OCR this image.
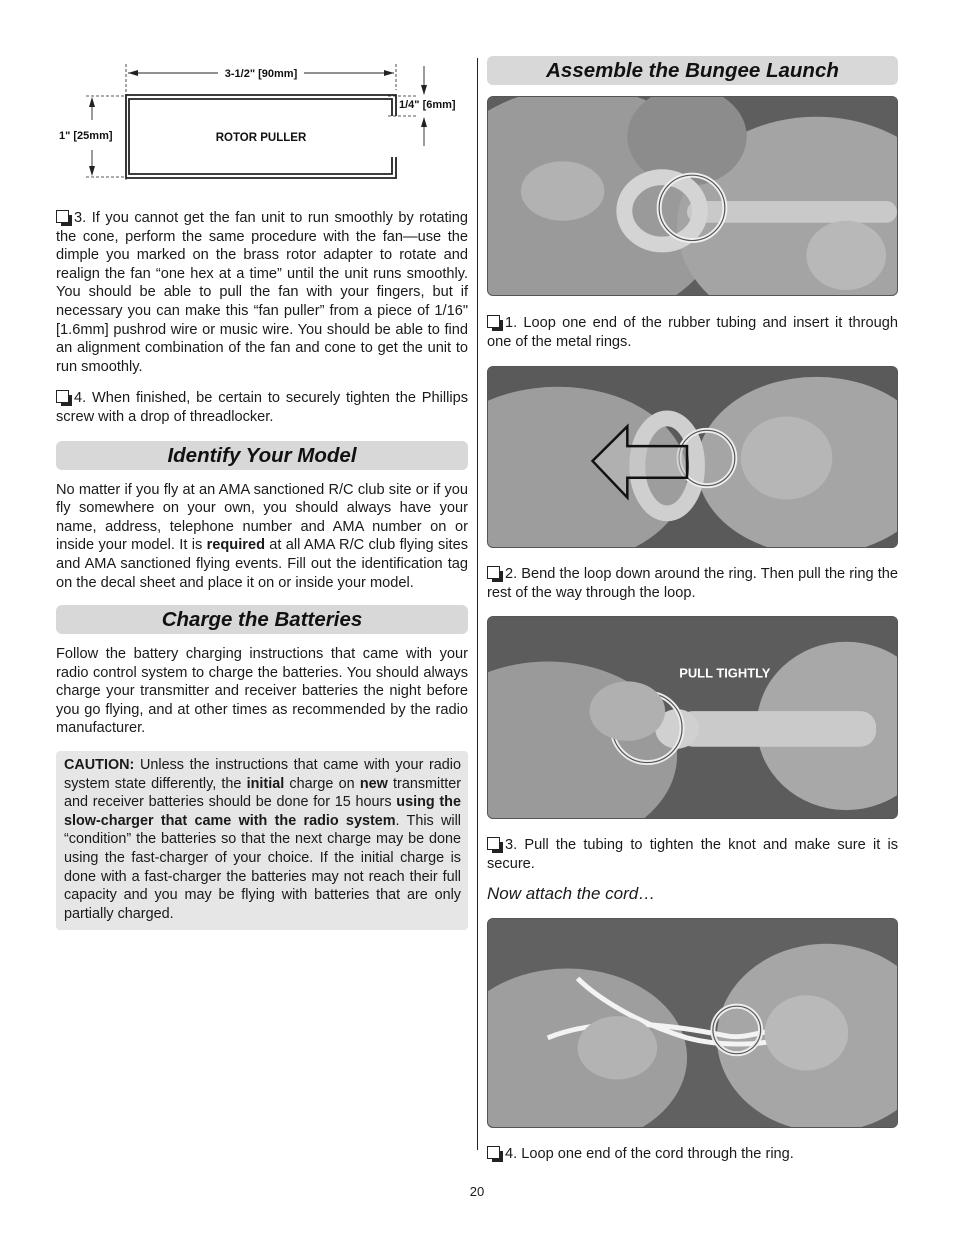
3-1/2" [90mm]
1/4" [6mm]
1" [25mm]	ROTOR PULLER

3. If you cannot get the fan unit to run smoothly by rotating the cone, perform the same procedure with the fan—use the dimple you marked on the brass rotor adapter to rotate and realign the fan “one hex at a time” until the unit runs smoothly. You should be able to pull the fan with your fingers, but if necessary you can make this “fan puller” from a piece of 1/16" [1.6mm] pushrod wire or music wire. You should be able to find an alignment combination of the fan and cone to get the unit to run smoothly.

4. When finished, be certain to securely tighten the Phillips screw with a drop of threadlocker.

Identify Your Model

No matter if you fly at an AMA sanctioned R/C club site or if you fly somewhere on your own, you should always have your name, address, telephone number and AMA number on or inside your model. It is required at all AMA R/C club flying sites and AMA sanctioned flying events. Fill out the identification tag on the decal sheet and place it on or inside your model.

Charge the Batteries

Follow the battery charging instructions that came with your radio control system to charge the batteries. You should always charge your transmitter and receiver batteries the night before you go flying, and at other times as recommended by the radio manufacturer.

CAUTION: Unless the instructions that came with your radio system state differently, the initial charge on new transmitter and receiver batteries should be done for 15 hours using the slow-charger that came with the radio system. This will “condition” the batteries so that the next charge may be done using the fast-charger of your choice. If the initial charge is done with a fast-charger the batteries may not reach their full capacity and you may be flying with batteries that are only partially charged.
Assemble the Bungee Launch

1. Loop one end of the rubber tubing and insert it through one of the metal rings.

2. Bend the loop down around the ring. Then pull the ring the rest of the way through the loop.

PULL TIGHTLY

3. Pull the tubing to tighten the knot and make sure it is secure.

Now attach the cord…

4. Loop one end of the cord through the ring.

20
